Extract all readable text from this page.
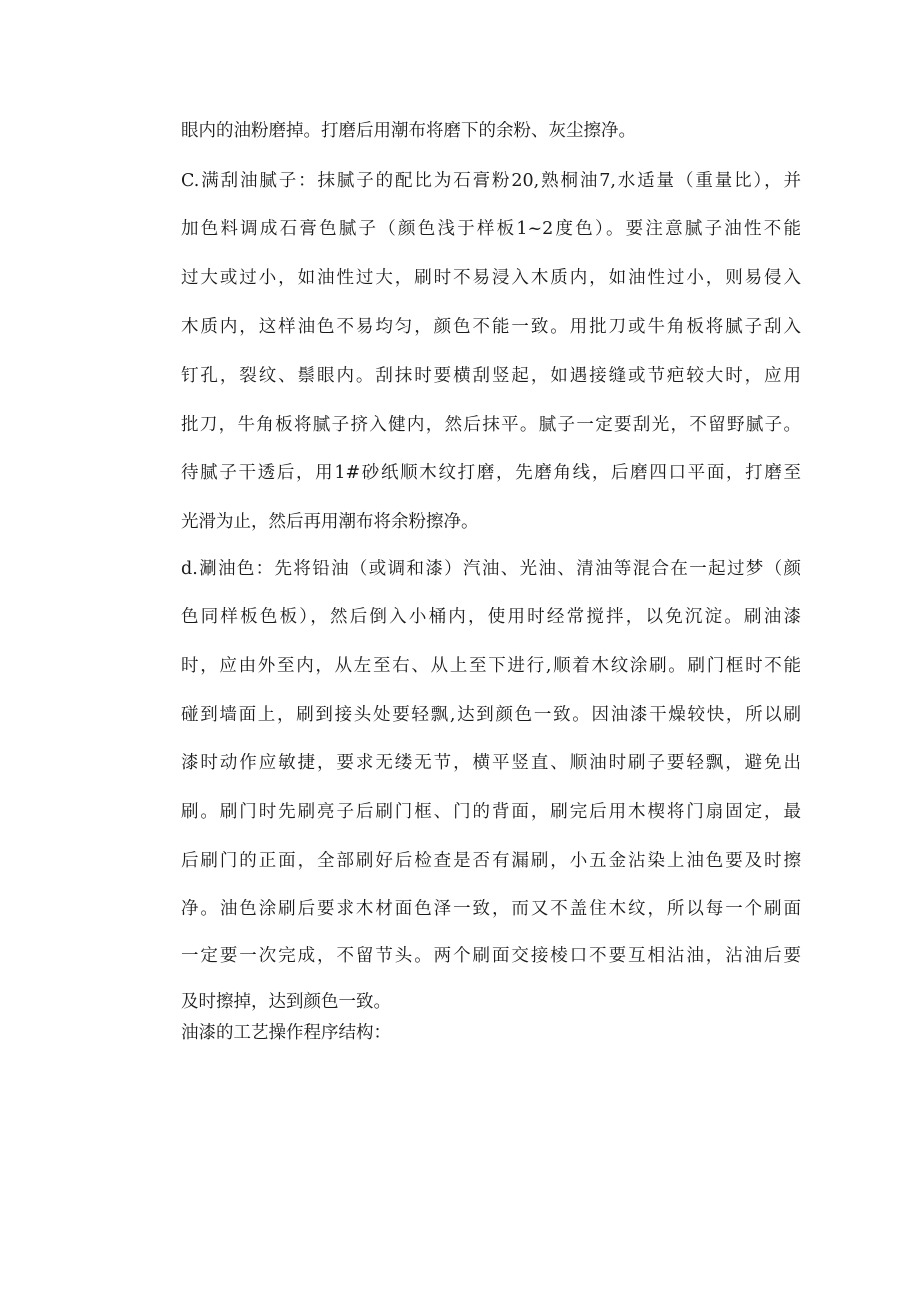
眼内的油粉磨掉。打磨后用潮布将磨下的余粉、灰尘擦净。
C.满刮油腻子：抹腻子的配比为石膏粉20,熟桐油7,水适量（重量比），并
加色料调成石膏色腻子（颜色浅于样板1~2度色）。要注意腻子油性不能
过大或过小，如油性过大，刷时不易浸入木质内，如油性过小，则易侵入
木质内，这样油色不易均匀，颜色不能一致。用批刀或牛角板将腻子刮入
钉孔，裂纹、鬃眼内。刮抹时要横刮竖起，如遇接缝或节疤较大时，应用
批刀，牛角板将腻子挤入健内，然后抹平。腻子一定要刮光，不留野腻子。
待腻子干透后，用1#砂纸顺木纹打磨，先磨角线，后磨四口平面，打磨至
光滑为止，然后再用潮布将余粉擦净。
d.涮油色：先将铅油（或调和漆）汽油、光油、清油等混合在一起过梦（颜
色同样板色板），然后倒入小桶内，使用时经常搅拌，以免沉淀。刷油漆
时，应由外至内，从左至右、从上至下进行,顺着木纹涂刷。刷门框时不能
碰到墙面上，刷到接头处要轻飘,达到颜色一致。因油漆干燥较快，所以刷
漆时动作应敏捷，要求无缕无节，横平竖直、顺油时刷子要轻飘，避免出
刷。刷门时先刷亮子后刷门框、门的背面，刷完后用木楔将门扇固定，最
后刷门的正面，全部刷好后检查是否有漏刷，小五金沾染上油色要及时擦
净。油色涂刷后要求木材面色泽一致，而又不盖住木纹，所以每一个刷面
一定要一次完成，不留节头。两个刷面交接棱口不要互相沾油，沾油后要
及时擦掉，达到颜色一致。
油漆的工艺操作程序结构：
